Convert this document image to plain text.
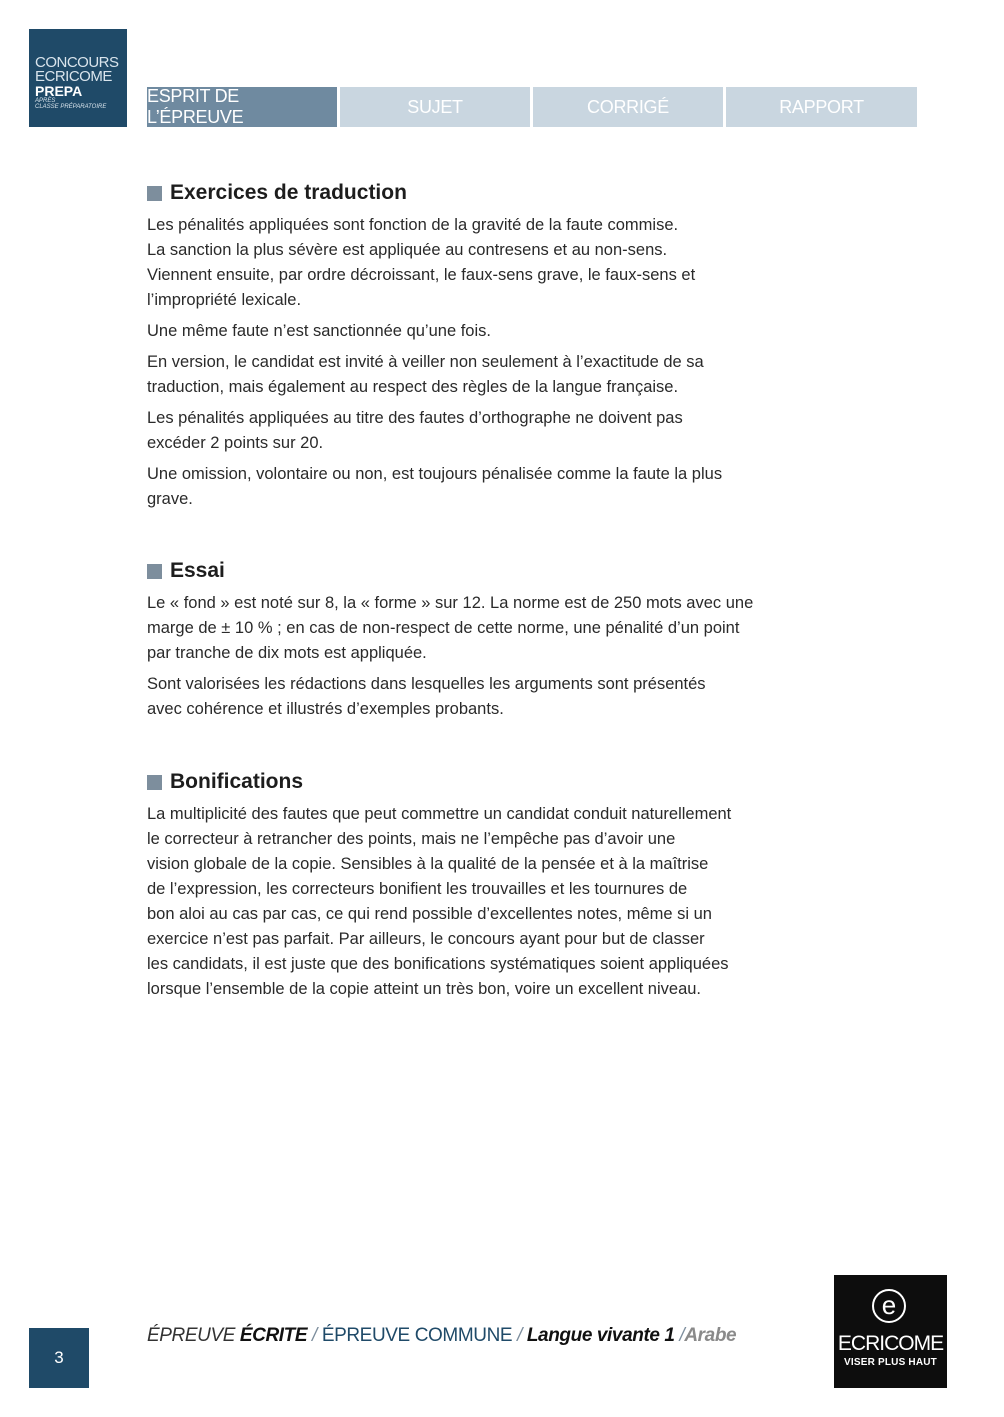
CONCOURS
ECRICOME
PREPA
APRÈS
CLASSE PRÉPARATOIRE
ESPRIT DE L’ÉPREUVE
SUJET	CORRIGÉ	RAPPORT
Exercices de traduction

Les pénalités appliquées sont fonction de la gravité de la faute commise.
La sanction la plus sévère est appliquée au contresens et au non-sens.
Viennent ensuite, par ordre décroissant, le faux-sens grave, le faux-sens et
l’impropriété lexicale.

Une même faute n’est sanctionnée qu’une fois.

En version, le candidat est invité à veiller non seulement à l’exactitude de sa
traduction, mais également au respect des règles de la langue française.

Les pénalités appliquées au titre des fautes d’orthographe ne doivent pas
excéder 2 points sur 20.

Une omission, volontaire ou non, est toujours pénalisée comme la faute la plus
grave.

Essai

Le « fond » est noté sur 8, la « forme » sur 12. La norme est de 250 mots avec une
marge de ± 10 % ; en cas de non-respect de cette norme, une pénalité d’un point
par tranche de dix mots est appliquée.

Sont valorisées les rédactions dans lesquelles les arguments sont présentés
avec cohérence et illustrés d’exemples probants.

Bonifications

La multiplicité des fautes que peut commettre un candidat conduit naturellement
le correcteur à retrancher des points, mais ne l’empêche pas d’avoir une
vision globale de la copie. Sensibles à la qualité de la pensée et à la maîtrise
de l’expression, les correcteurs bonifient les trouvailles et les tournures de
bon aloi au cas par cas, ce qui rend possible d’excellentes notes, même si un
exercice n’est pas parfait. Par ailleurs, le concours ayant pour but de classer
les candidats, il est juste que des bonifications systématiques soient appliquées
lorsque l’ensemble de la copie atteint un très bon, voire un excellent niveau.

3
ÉPREUVE ÉCRITE / ÉPREUVE COMMUNE / Langue vivante 1 /Arabe
e
ECRICOME
VISER PLUS HAUT
